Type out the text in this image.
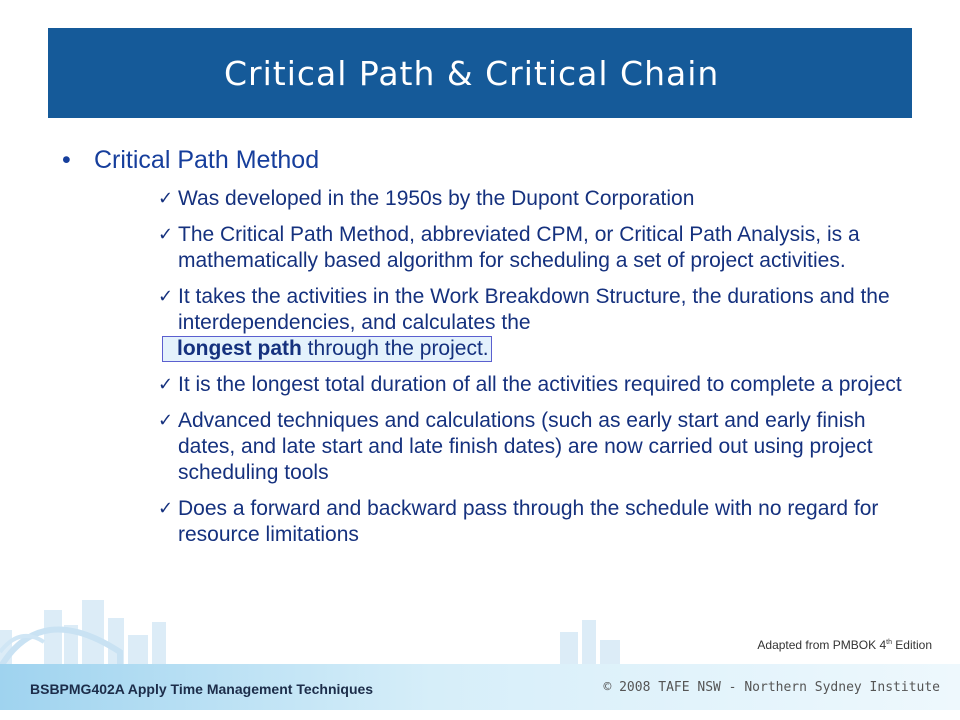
Critical Path & Critical Chain
• Critical Path Method
✓ Was developed in the 1950s by the Dupont Corporation

✓ The Critical Path Method, abbreviated CPM, or Critical Path Analysis, is a mathematically based algorithm for scheduling a set of project activities.

✓ It takes the activities in the Work Breakdown Structure, the durations and the interdependencies, and calculates the

longest path through the project.

✓ It is the longest total duration of all the activities required to complete a project

✓ Advanced techniques and calculations (such as early start and early finish dates, and late start and late finish dates) are now carried out using project scheduling tools

✓ Does a forward and backward pass through the schedule with no regard for resource limitations

Adapted from PMBOK 4th Edition
BSBPMG402A Apply Time Management Techniques	© 2008 TAFE NSW - Northern Sydney Institute
